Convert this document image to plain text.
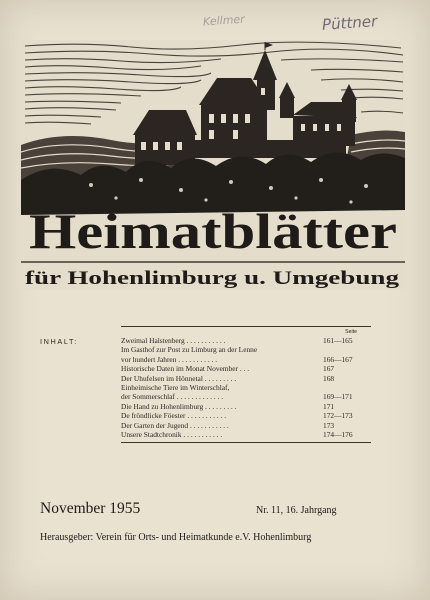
Kellmer	Püttner
Heimatblätter
für Hohenlimburg u. Umgebung
INHALT:
Seite
Zweimal Halstenberg . . . . . . . . . . .	161—165
Im Gasthof zur Post zu Limburg an der Lenne
vor hundert Jahren . . . . . . . . . . .	166—167
Historische Daten im Monat November . . .	167
Der Uhufelsen im Hönnetal . . . . . . . . .	168
Einheimische Tiere im Winterschlaf,
der Sommerschlaf . . . . . . . . . . . . .	169—171
Die Hand zu Hohenlimburg . . . . . . . . .	171
De fröndlicke Föester . . . . . . . . . . .	172—173
Der Garten der Jugend . . . . . . . . . . .	173
Unsere Stadtchronik . . . . . . . . . . .	174—176
November 1955	Nr. 11, 16. Jahrgang
Herausgeber: Verein für Orts- und Heimatkunde e.V. Hohenlimburg
